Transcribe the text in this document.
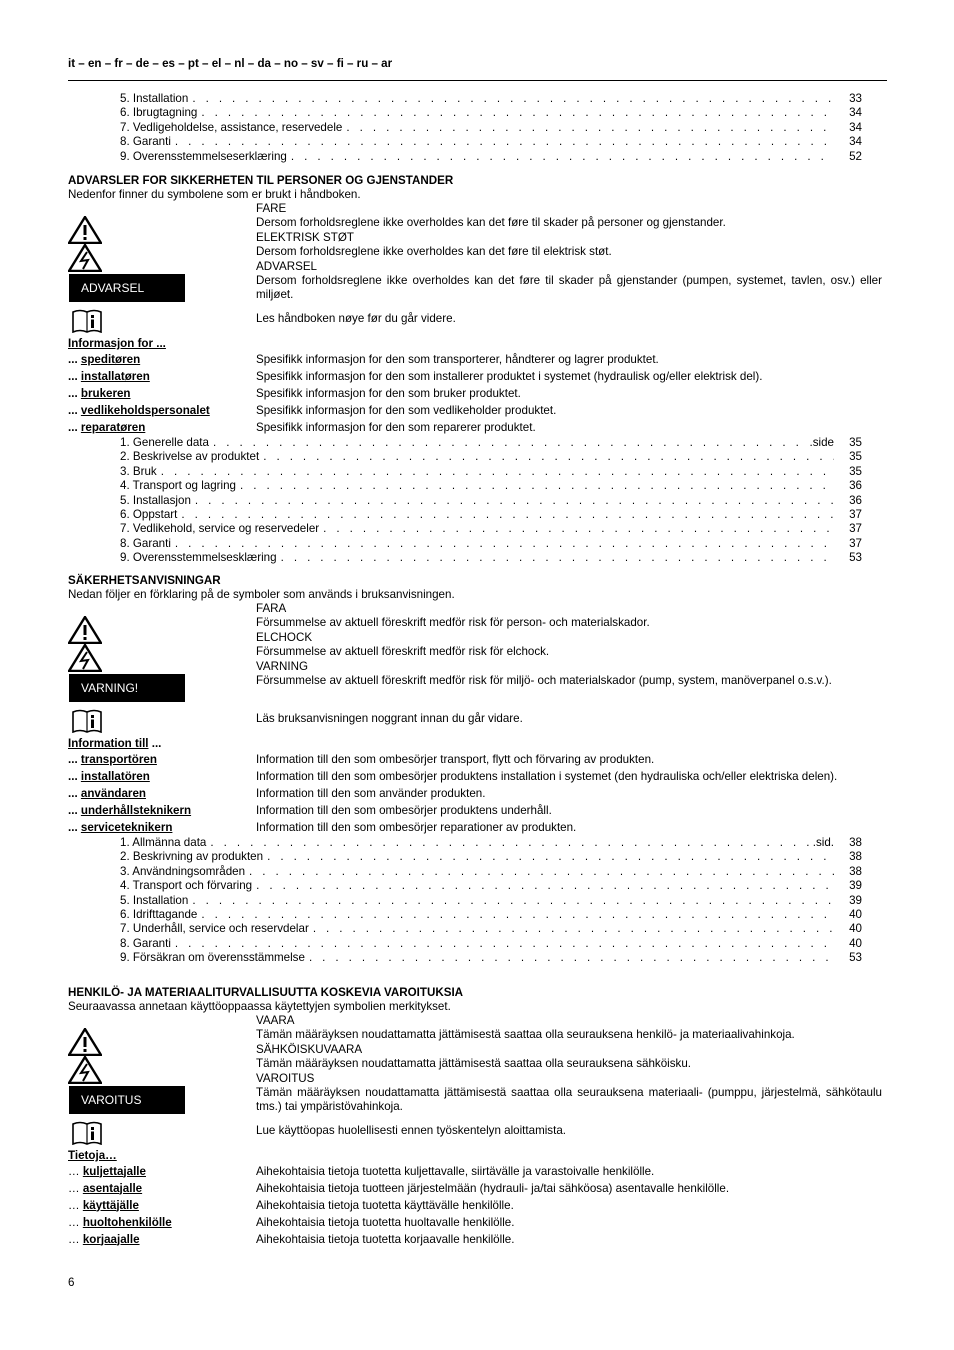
it – en – fr – de – es – pt – el – nl – da – no – sv – fi – ru – ar
5. Installation . . .	33
6. Ibrugtagning . . .	34
7. Vedligeholdelse, assistance, reservedele . . .	34
8. Garanti . . .	34
9. Overensstemmelseserklæring . . .	52
ADVARSLER FOR SIKKERHETEN TIL PERSONER OG GJENSTANDER
Nedenfor finner du symbolene som er brukt i håndboken.
ADVARSEL
FARE
Dersom forholdsreglene ikke overholdes kan det føre til skader på personer og gjenstander.
ELEKTRISK STØT
Dersom forholdsreglene ikke overholdes kan det føre til elektrisk støt.
ADVARSEL
Dersom forholdsreglene ikke overholdes kan det føre til skader på gjenstander (pumpen, systemet, tavlen, osv.) eller miljøet.
Les håndboken nøye før du går videre.
Informasjon for ...
... speditøren	Spesifikk informasjon for den som transporterer, håndterer og lagrer produktet.
... installatøren	Spesifikk informasjon for den som installerer produktet i systemet (hydraulisk og/eller elektrisk del).
... brukeren	Spesifikk informasjon for den som bruker produktet.
... vedlikeholdspersonalet	Spesifikk informasjon for den som vedlikeholder produktet.
... reparatøren	Spesifikk informasjon for den som reparerer produktet.
1. Generelle data . . .	.side	35
2. Beskrivelse av produktet . . .	35
3. Bruk . . .	35
4. Transport og lagring . . .	36
5. Installasjon . . .	36
6. Oppstart . . .	37
7. Vedlikehold, service og reservedeler . . .	37
8. Garanti . . .	37
9. Overensstemmelsesklæring . . .	53
SÄKERHETSANVISNINGAR
Nedan följer en förklaring på de symboler som används i bruksanvisningen.
VARNING!
FARA
Försummelse av aktuell föreskrift medför risk för person- och materialskador.
ELCHOCK
Försummelse av aktuell föreskrift medför risk för elchock.
VARNING
Försummelse av aktuell föreskrift medför risk för miljö- och materialskador (pump, system, manöverpanel o.s.v.).
Läs bruksanvisningen noggrant innan du går vidare.
Information till ...
... transportören	Information till den som ombesörjer transport, flytt och förvaring av produkten.
... installatören	Information till den som ombesörjer produktens installation i systemet (den hydrauliska och/eller elektriska delen).
... användaren	Information till den som använder produkten.
... underhållsteknikern	Information till den som ombesörjer produktens underhåll.
... serviceteknikern	Information till den som ombesörjer reparationer av produkten.
1. Allmänna data . . .	.sid.	38
2. Beskrivning av produkten . . .	38
3. Användningsområden . . .	38
4. Transport och förvaring . . .	39
5. Installation . . .	39
6. Idrifttagande . . .	40
7. Underhåll, service och reservdelar . . .	40
8. Garanti . . .	40
9. Försäkran om överensstämmelse . . .	53
HENKILÖ- JA MATERIAALITURVALLISUUTTA KOSKEVIA VAROITUKSIA
Seuraavassa annetaan käyttöoppaassa käytettyjen symbolien merkitykset.
VAROITUS
VAARA
Tämän määräyksen noudattamatta jättämisestä saattaa olla seurauksena henkilö- ja materiaalivahinkoja.
SÄHKÖISKUVAARA
Tämän määräyksen noudattamatta jättämisestä saattaa olla seurauksena sähköisku.
VAROITUS
Tämän määräyksen noudattamatta jättämisestä saattaa olla seurauksena materiaali- (pumppu, järjestelmä, sähkötaulu tms.) tai ympäristövahinkoja.
Lue käyttöopas huolellisesti ennen työskentelyn aloittamista.
Tietoja…
… kuljettajalle	Aihekohtaisia tietoja tuotetta kuljettavalle, siirtävälle ja varastoivalle henkilölle.
… asentajalle	Aihekohtaisia tietoja tuotteen järjestelmään (hydrauli- ja/tai sähköosa) asentavalle henkilölle.
… käyttäjälle	Aihekohtaisia tietoja tuotetta käyttävälle henkilölle.
… huoltohenkilölle	Aihekohtaisia tietoja tuotetta huoltavalle henkilölle.
… korjaajalle	Aihekohtaisia tietoja tuotetta korjaavalle henkilölle.
6
